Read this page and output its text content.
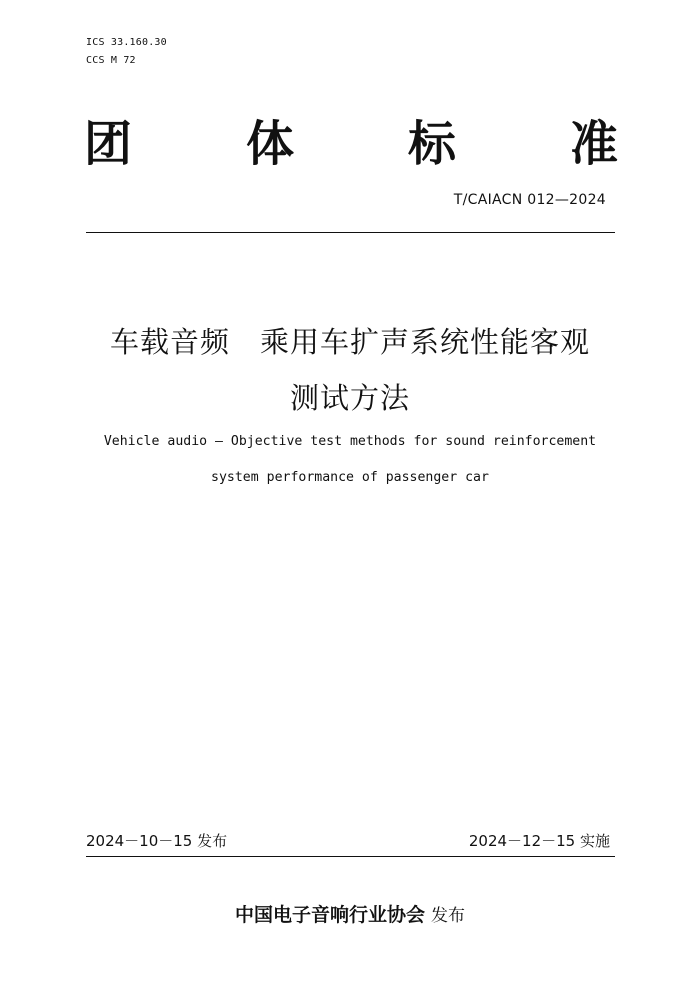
ICS 33.160.30
CCS M 72
团 体 标 准
T/CAIACN 012—2024
车载音频　乘用车扩声系统性能客观
测试方法
Vehicle audio — Objective test methods for sound reinforcement
system performance of passenger car
2024－10－15 发布	2024－12－15 实施
中国电子音响行业协会 发布
